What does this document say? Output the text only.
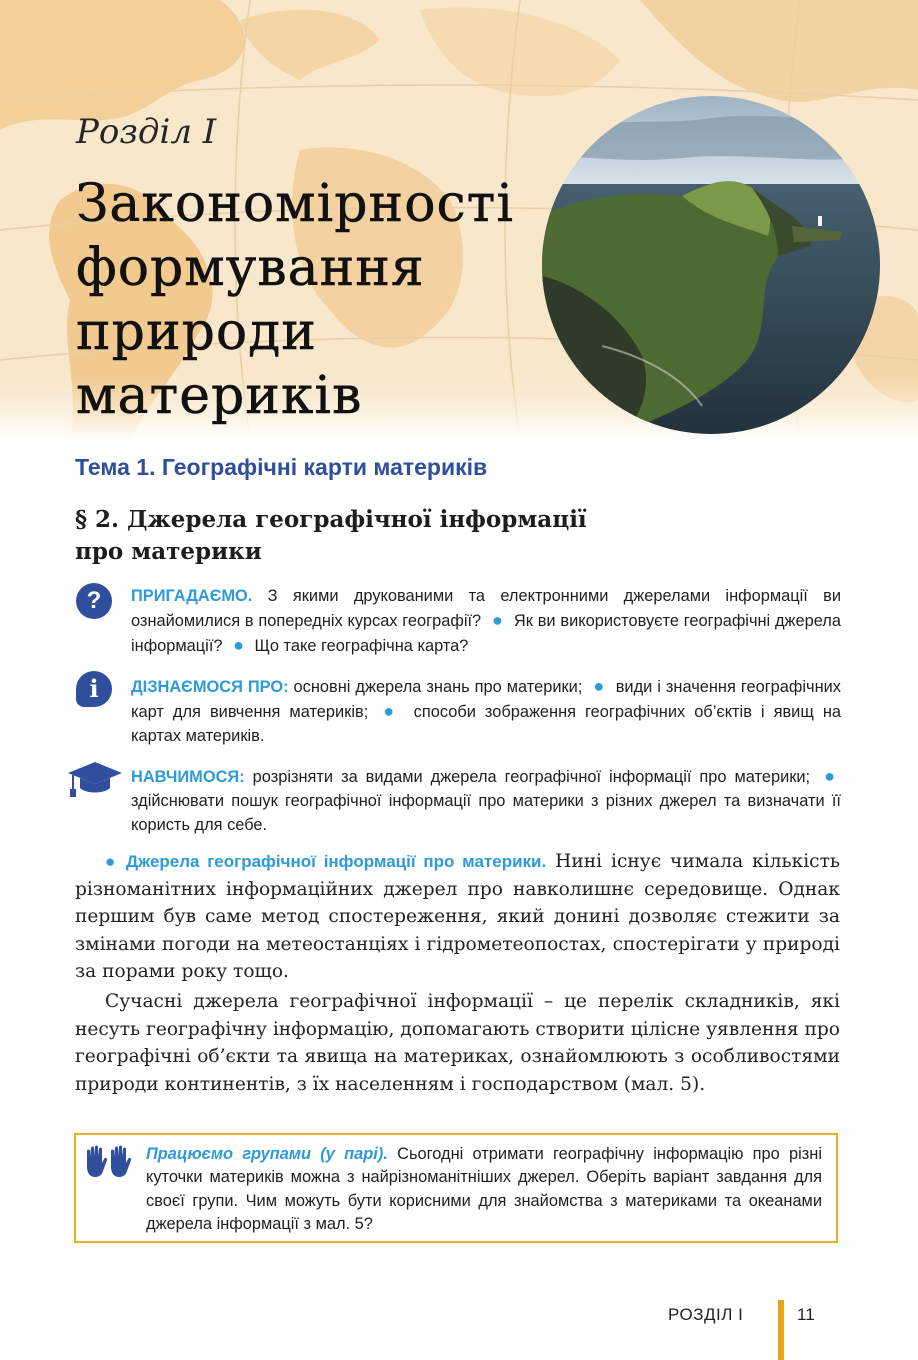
Розділ І
Закономірності формування природи материків
Тема 1. Географічні карти материків
§ 2. Джерела географічної інформації
про материки
?	ПРИГАДАЄМО. З якими друкованими та електронними джерелами інформації ви ознайомилися в попередніх курсах географії? ● Як ви використовуєте географічні джерела інформації? ● Що таке географічна карта?
i	ДІЗНАЄМОСЯ ПРО: основні джерела знань про материки; ● види і значення географічних карт для вивчення материків; ● способи зображення географічних об’єктів і явищ на картах материків.
НАВЧИМОСЯ: розрізняти за видами джерела географічної інформації про материки; ● здійснювати пошук географічної інформації про материки з різних джерел та визначати її користь для себе.

● Джерела географічної інформації про материки. Нині існує чимала кількість різноманітних інформаційних джерел про навколишнє середовище. Однак першим був саме метод спостереження, який донині дозволяє стежити за змінами погоди на метеостанціях і гідрометеопостах, спостерігати у природі за порами року тощо.

Сучасні джерела географічної інформації – це перелік складників, які несуть географічну інформацію, допомагають створити цілісне уявлення про географічні об’єкти та явища на материках, ознайомлюють з особливостями природи континентів, з їх населенням і господарством (мал. 5).

Працюємо групами (у парі). Сьогодні отримати географічну інформацію про різні куточки материків можна з найрізноманітніших джерел. Оберіть варіант завдання для своєї групи. Чим можуть бути корисними для знайомства з материками та океанами джерела інформації з мал. 5?
РОЗДІЛ І	11
